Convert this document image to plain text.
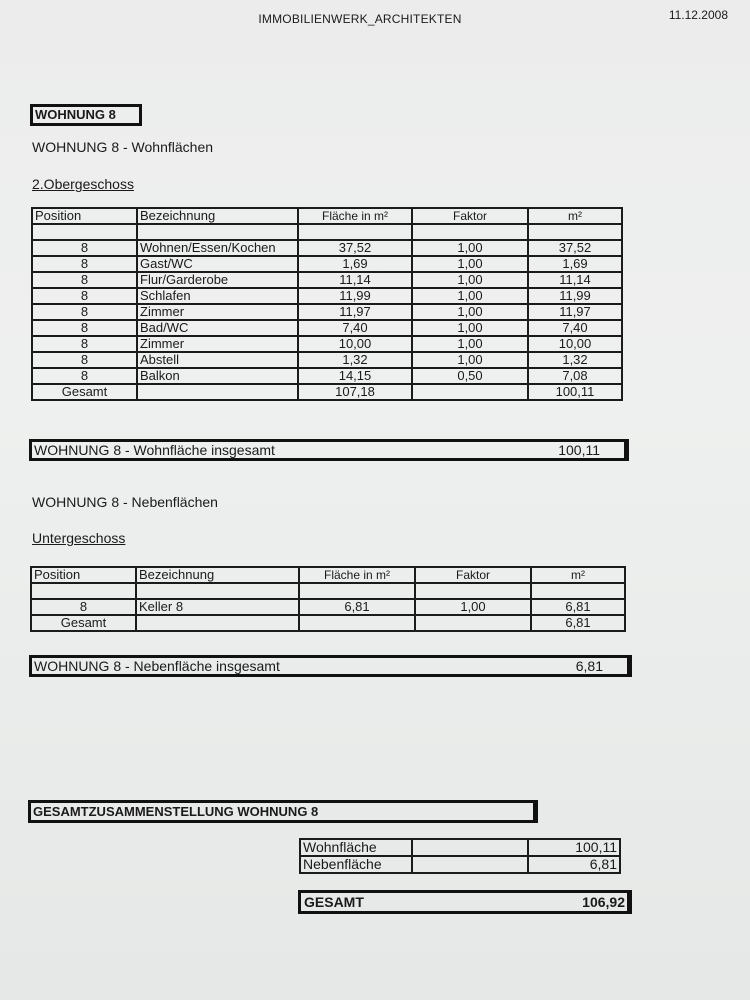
IMMOBILIENWERK_ARCHITEKTEN	11.12.2008
WOHNUNG 8
WOHNUNG 8 - Wohnflächen
2.Obergeschoss
Position	Bezeichnung	Fläche in m²	Faktor	m²

8	Wohnen/Essen/Kochen	37,52	1,00	37,52
8	Gast/WC	1,69	1,00	1,69
8	Flur/Garderobe	11,14	1,00	11,14
8	Schlafen	11,99	1,00	11,99
8	Zimmer	11,97	1,00	11,97
8	Bad/WC	7,40	1,00	7,40
8	Zimmer	10,00	1,00	10,00
8	Abstell	1,32	1,00	1,32
8	Balkon	14,15	0,50	7,08
Gesamt		107,18		100,11
WOHNUNG 8 - Wohnfläche insgesamt	100,11
WOHNUNG 8 - Nebenflächen
Untergeschoss
Position	Bezeichnung	Fläche in m²	Faktor	m²

8	Keller 8	6,81	1,00	6,81
Gesamt				6,81
WOHNUNG 8 - Nebenfläche insgesamt	6,81
GESAMTZUSAMMENSTELLUNG WOHNUNG 8
Wohnfläche		100,11
Nebenfläche		6,81
GESAMT	106,92
